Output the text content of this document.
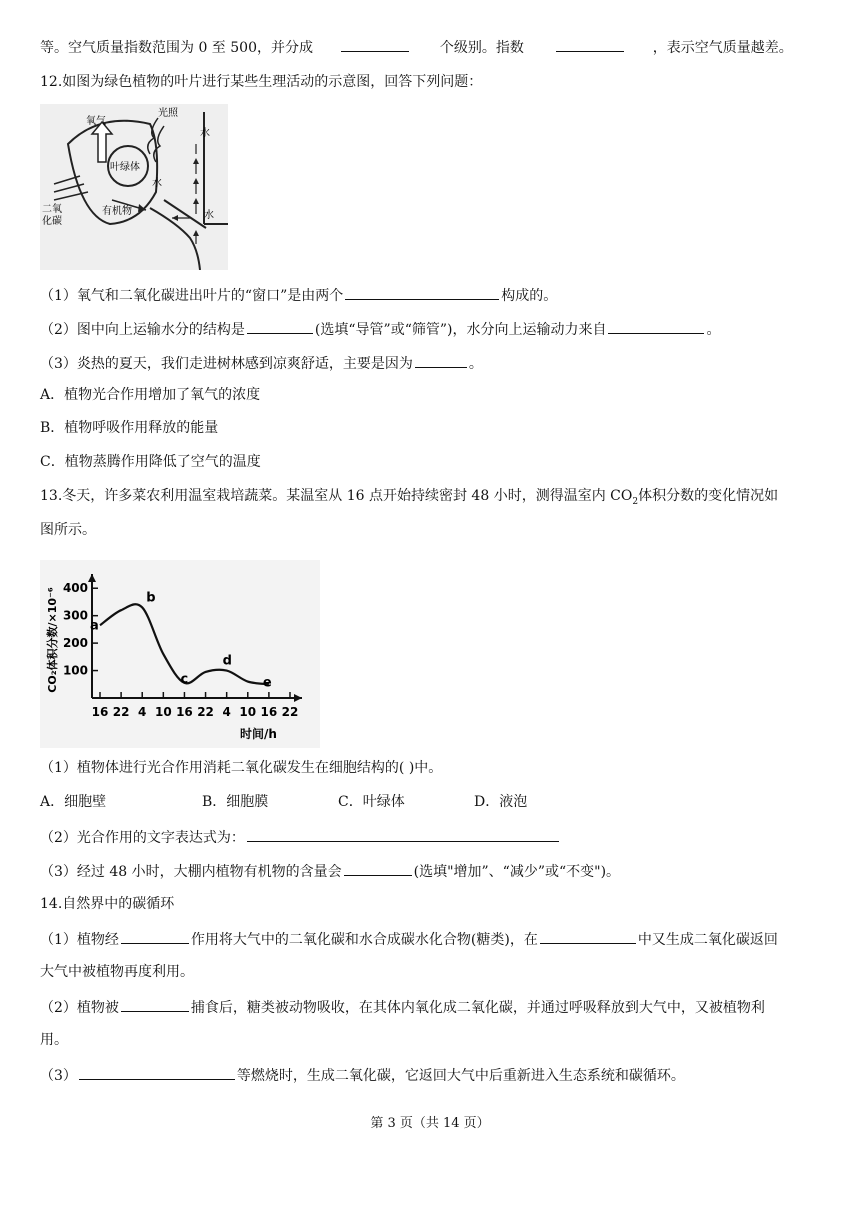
等。空气质量指数范围为 0 至 500，并分成	个级别。指数	，表示空气质量越差。
12.如图为绿色植物的叶片进行某些生理活动的示意图，回答下列问题：
氧气
光照
叶绿体
水
二氧
化碳
有机物
水
水
（1）氧气和二氧化碳进出叶片的“窗口”是由两个	构成的。
（2）图中向上运输水分的结构是	(选填“导管”或“筛管”)，水分向上运输动力来自	。
（3）炎热的夏天，我们走进树林感到凉爽舒适，主要是因为	。
A．植物光合作用增加了氧气的浓度
B．植物呼吸作用释放的能量
C．植物蒸腾作用降低了空气的温度
13.冬天，许多菜农利用温室栽培蔬菜。某温室从 16 点开始持续密封 48 小时，测得温室内 $CO_2$体积分数的变化情况如
图所示。
CO₂体积分数/×10⁻⁶
时间/h
100
200
300
400
16 22 4 10 16 22 4 10 16 22
a
b
c
d
e
（1）植物体进行光合作用消耗二氧化碳发生在细胞结构的( )中。
A．细胞壁	B．细胞膜	C．叶绿体	D．液泡
（2）光合作用的文字表达式为：
（3）经过 48 小时，大棚内植物有机物的含量会	(选填"增加”、“减少”或“不变")。
14.自然界中的碳循环
（1）植物经	作用将大气中的二氧化碳和水合成碳水化合物(糖类)，在	中又生成二氧化碳返回
大气中被植物再度利用。
（2）植物被	捕食后，糖类被动物吸收，在其体内氧化成二氧化碳，并通过呼吸释放到大气中，又被植物利
用。
（3）	等燃烧时，生成二氧化碳，它返回大气中后重新进入生态系统和碳循环。
第 3 页（共 14 页）
